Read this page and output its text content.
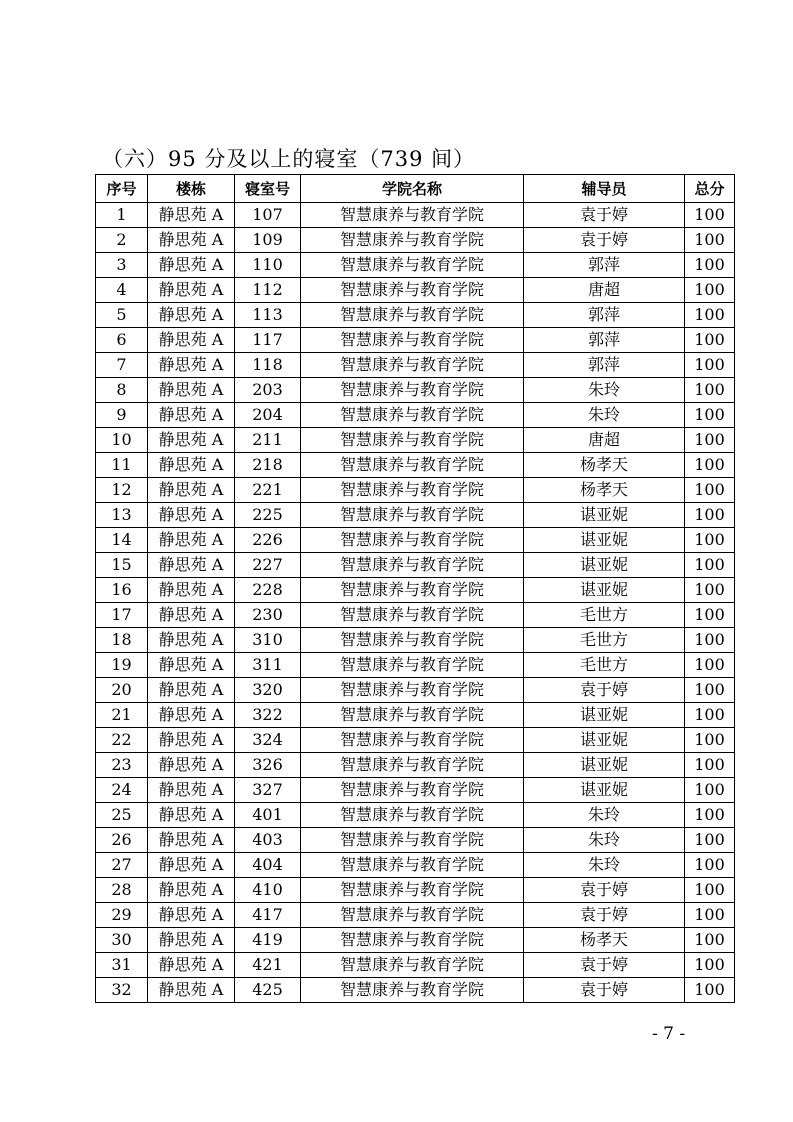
（六）95 分及以上的寝室（739 间）
序号	楼栋	寝室号	学院名称	辅导员	总分
1	静思苑 A	107	智慧康养与教育学院	袁于婷	100
2	静思苑 A	109	智慧康养与教育学院	袁于婷	100
3	静思苑 A	110	智慧康养与教育学院	郭萍	100
4	静思苑 A	112	智慧康养与教育学院	唐超	100
5	静思苑 A	113	智慧康养与教育学院	郭萍	100
6	静思苑 A	117	智慧康养与教育学院	郭萍	100
7	静思苑 A	118	智慧康养与教育学院	郭萍	100
8	静思苑 A	203	智慧康养与教育学院	朱玲	100
9	静思苑 A	204	智慧康养与教育学院	朱玲	100
10	静思苑 A	211	智慧康养与教育学院	唐超	100
11	静思苑 A	218	智慧康养与教育学院	杨孝天	100
12	静思苑 A	221	智慧康养与教育学院	杨孝天	100
13	静思苑 A	225	智慧康养与教育学院	谌亚妮	100
14	静思苑 A	226	智慧康养与教育学院	谌亚妮	100
15	静思苑 A	227	智慧康养与教育学院	谌亚妮	100
16	静思苑 A	228	智慧康养与教育学院	谌亚妮	100
17	静思苑 A	230	智慧康养与教育学院	毛世方	100
18	静思苑 A	310	智慧康养与教育学院	毛世方	100
19	静思苑 A	311	智慧康养与教育学院	毛世方	100
20	静思苑 A	320	智慧康养与教育学院	袁于婷	100
21	静思苑 A	322	智慧康养与教育学院	谌亚妮	100
22	静思苑 A	324	智慧康养与教育学院	谌亚妮	100
23	静思苑 A	326	智慧康养与教育学院	谌亚妮	100
24	静思苑 A	327	智慧康养与教育学院	谌亚妮	100
25	静思苑 A	401	智慧康养与教育学院	朱玲	100
26	静思苑 A	403	智慧康养与教育学院	朱玲	100
27	静思苑 A	404	智慧康养与教育学院	朱玲	100
28	静思苑 A	410	智慧康养与教育学院	袁于婷	100
29	静思苑 A	417	智慧康养与教育学院	袁于婷	100
30	静思苑 A	419	智慧康养与教育学院	杨孝天	100
31	静思苑 A	421	智慧康养与教育学院	袁于婷	100
32	静思苑 A	425	智慧康养与教育学院	袁于婷	100
- 7 -
